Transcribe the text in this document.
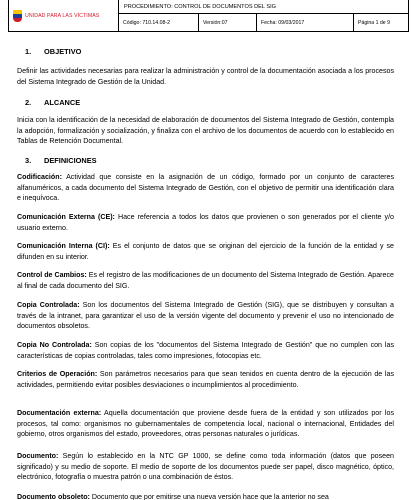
UNIDAD PARA LAS VÍCTIMAS
PROCEDIMIENTO: CONTROL DE DOCUMENTOS DEL SIG
Código: 710.14.08-2	Versión:07	Fecha: 09/03/2017	Página 1 de 9
1. OBJETIVO
Definir las actividades necesarias para realizar la administración y control de la documentación asociada a los procesos del Sistema Integrado de Gestión de la Unidad.
2. ALCANCE
Inicia con la identificación de la necesidad de elaboración de documentos del Sistema Integrado de Gestión, contempla la adopción, formalización y socialización, y finaliza con el archivo de los documentos de acuerdo con lo establecido en Tablas de Retención Documental.
3. DEFINICIONES
Codificación: Actividad que consiste en la asignación de un código, formado por un conjunto de caracteres alfanuméricos, a cada documento del Sistema Integrado de Gestión, con el objetivo de permitir una identificación clara e inequívoca.
Comunicación Externa (CE): Hace referencia a todos los datos que provienen o son generados por el cliente y/o usuario externo.
Comunicación Interna (CI): Es el conjunto de datos que se originan del ejercicio de la función de la entidad y se difunden en su interior.
Control de Cambios: Es el registro de las modificaciones de un documento del Sistema Integrado de Gestión. Aparece al final de cada documento del SIG.
Copia Controlada: Son los documentos del Sistema Integrado de Gestión (SIG), que se distribuyen y consultan a través de la intranet, para garantizar el uso de la versión vigente del documento y prevenir el uso no intencionado de documentos obsoletos.
Copia No Controlada: Son copias de los "documentos del Sistema Integrado de Gestión" que no cumplen con las características de copias controladas, tales como impresiones, fotocopias etc.
Criterios de Operación: Son parámetros necesarios para que sean tenidos en cuenta dentro de la ejecución de las actividades, permitiendo evitar posibles desviaciones o incumplimientos al procedimiento.
Documentación externa: Aquella documentación que proviene desde fuera de la entidad y son utilizados por los procesos, tal como: organismos no gubernamentales de competencia local, nacional o internacional, Entidades del gobierno, otros organismos del estado, proveedores, otras personas naturales o jurídicas.
Documento: Según lo establecido en la NTC GP 1000, se define como toda información (datos que poseen significado) y su medio de soporte. El medio de soporte de los documentos puede ser papel, disco magnético, óptico, electrónico, fotografía o muestra patrón o una combinación de éstos.
Documento obsoleto: Documento que por emitirse una nueva versión hace que la anterior no sea
